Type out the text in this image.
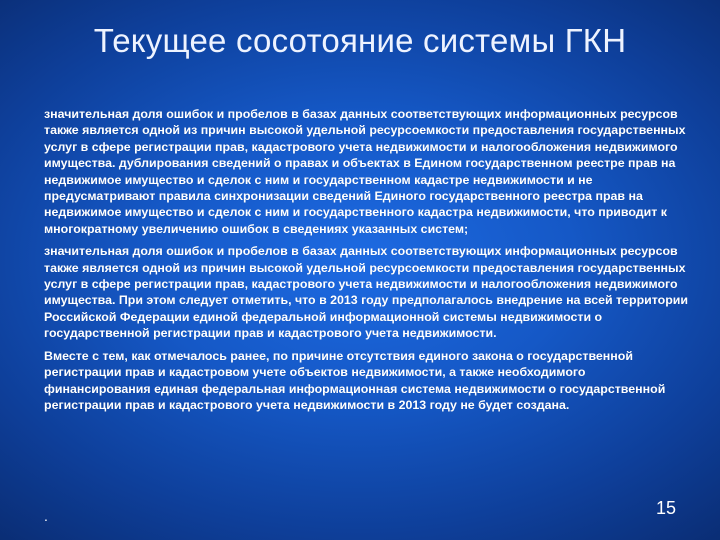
Текущее сосотояние системы ГКН

значительная доля ошибок и пробелов в базах данных соответствующих информационных ресурсов также является одной из причин высокой удельной ресурсоемкости предоставления государственных услуг в сфере регистрации прав, кадастрового учета недвижимости и налогообложения недвижимого имущества. дублирования сведений о правах и объектах в Едином государственном реестре прав на недвижимое имущество и сделок с ним и государственном кадастре недвижимости и не предусматривают правила синхронизации сведений Единого государственного реестра прав на недвижимое имущество и сделок с ним и государственного кадастра недвижимости, что приводит к многократному увеличению ошибок в сведениях указанных систем;

значительная доля ошибок и пробелов в базах данных соответствующих информационных ресурсов также является одной из причин высокой удельной ресурсоемкости предоставления государственных услуг в сфере регистрации прав, кадастрового учета недвижимости и налогообложения недвижимого имущества. При этом следует отметить, что в 2013 году предполагалось внедрение на всей территории Российской Федерации единой федеральной информационной системы недвижимости о государственной регистрации прав и кадастрового учета недвижимости.

Вместе с тем, как отмечалось ранее, по причине отсутствия единого закона о государственной регистрации прав и кадастровом учете объектов недвижимости, а также необходимого финансирования единая федеральная информационная система недвижимости о государственной регистрации прав и кадастрового учета недвижимости в 2013 году не будет создана.

.	15
